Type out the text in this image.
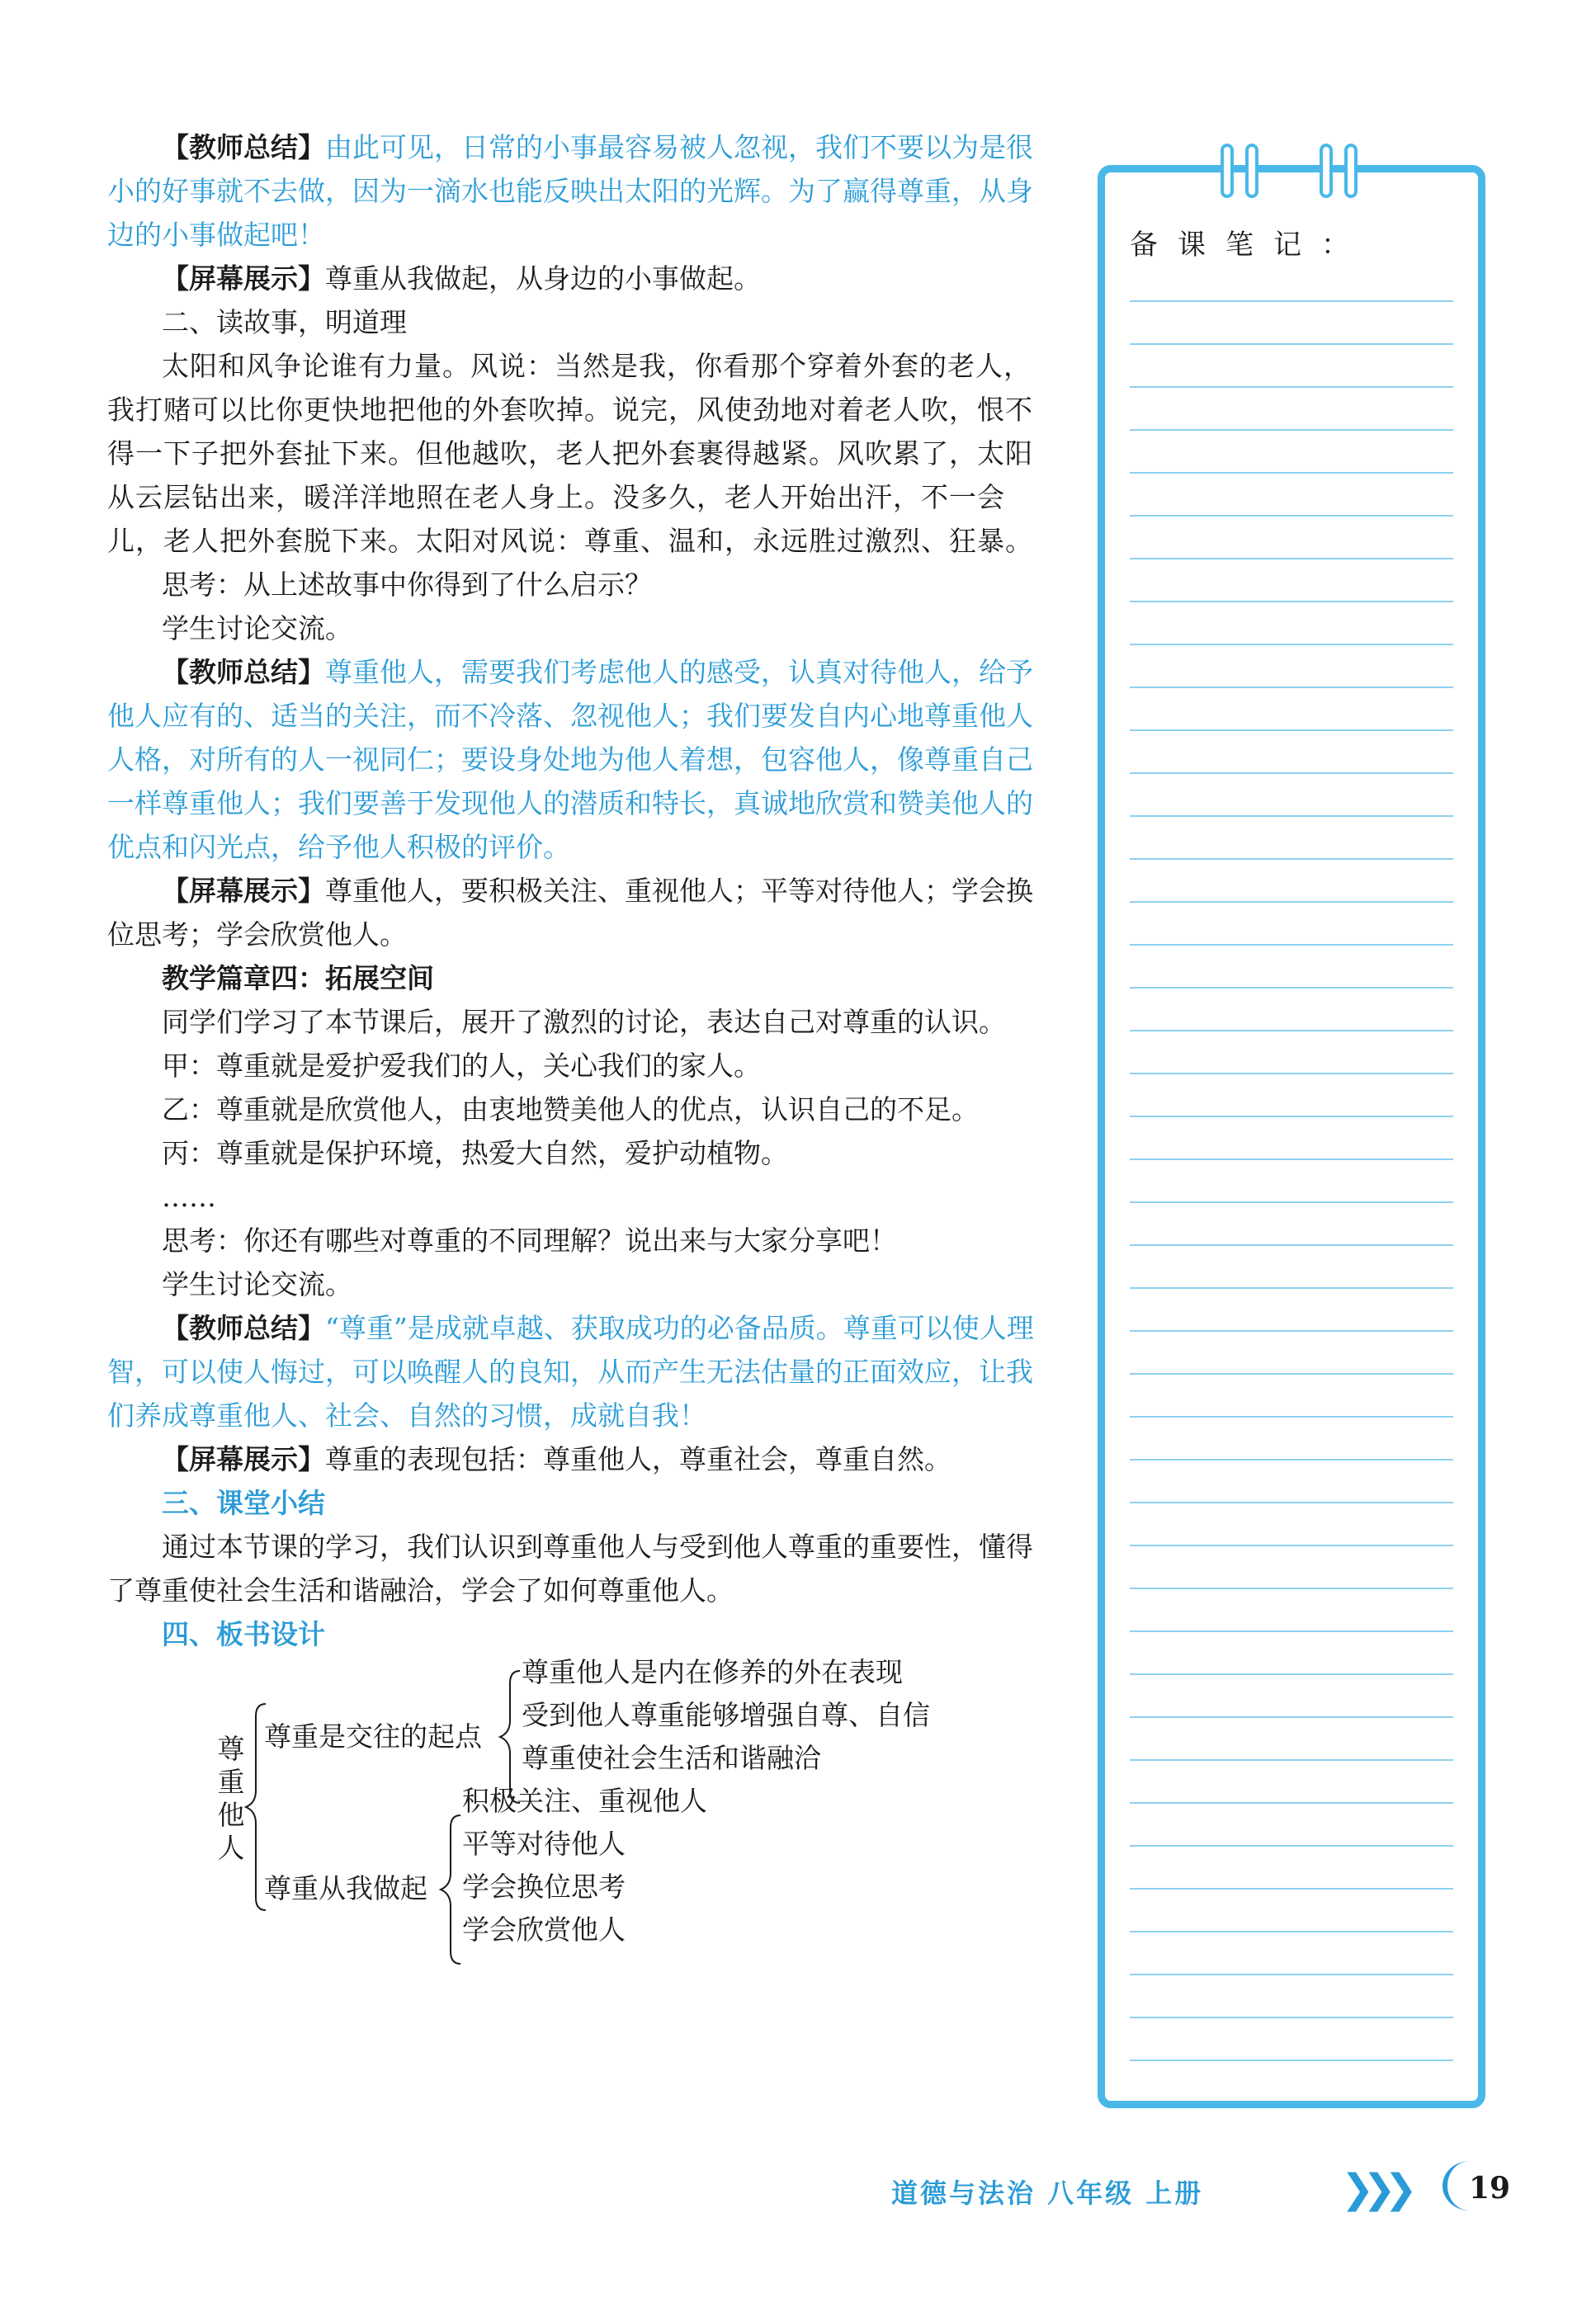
【教师总结】由此可见，日常的小事最容易被人忽视，我们不要以为是很小的好事就不去做，因为一滴水也能反映出太阳的光辉。为了赢得尊重，从身边的小事做起吧！

【屏幕展示】尊重从我做起，从身边的小事做起。

二、读故事，明道理

太阳和风争论谁有力量。风说：当然是我，你看那个穿着外套的老人，我打赌可以比你更快地把他的外套吹掉。说完，风使劲地对着老人吹，恨不得一下子把外套扯下来。但他越吹，老人把外套裹得越紧。风吹累了，太阳从云层钻出来，暖洋洋地照在老人身上。没多久，老人开始出汗，不一会儿，老人把外套脱下来。太阳对风说：尊重、温和，永远胜过激烈、狂暴。

思考：从上述故事中你得到了什么启示？

学生讨论交流。

【教师总结】尊重他人，需要我们考虑他人的感受，认真对待他人，给予他人应有的、适当的关注，而不冷落、忽视他人；我们要发自内心地尊重他人人格，对所有的人一视同仁；要设身处地为他人着想，包容他人，像尊重自己一样尊重他人；我们要善于发现他人的潜质和特长，真诚地欣赏和赞美他人的优点和闪光点，给予他人积极的评价。

【屏幕展示】尊重他人，要积极关注、重视他人；平等对待他人；学会换位思考；学会欣赏他人。

教学篇章四：拓展空间

同学们学习了本节课后，展开了激烈的讨论，表达自己对尊重的认识。

甲：尊重就是爱护爱我们的人，关心我们的家人。

乙：尊重就是欣赏他人，由衷地赞美他人的优点，认识自己的不足。

丙：尊重就是保护环境，热爱大自然，爱护动植物。

……

思考：你还有哪些对尊重的不同理解？说出来与大家分享吧！

学生讨论交流。

【教师总结】“尊重”是成就卓越、获取成功的必备品质。尊重可以使人理智，可以使人悔过，可以唤醒人的良知，从而产生无法估量的正面效应，让我们养成尊重他人、社会、自然的习惯，成就自我！

【屏幕展示】尊重的表现包括：尊重他人，尊重社会，尊重自然。

三、课堂小结

通过本节课的学习，我们认识到尊重他人与受到他人尊重的重要性，懂得了尊重使社会生活和谐融洽，学会了如何尊重他人。

四、板书设计

尊重他人
尊重是交往的起点
尊重他人是内在修养的外在表现
受到他人尊重能够增强自尊、自信
尊重使社会生活和谐融洽
尊重从我做起
积极关注、重视他人
平等对待他人
学会换位思考
学会欣赏他人
备课笔记：
道德与法治 八年级 上册	❯❯❯ 19
